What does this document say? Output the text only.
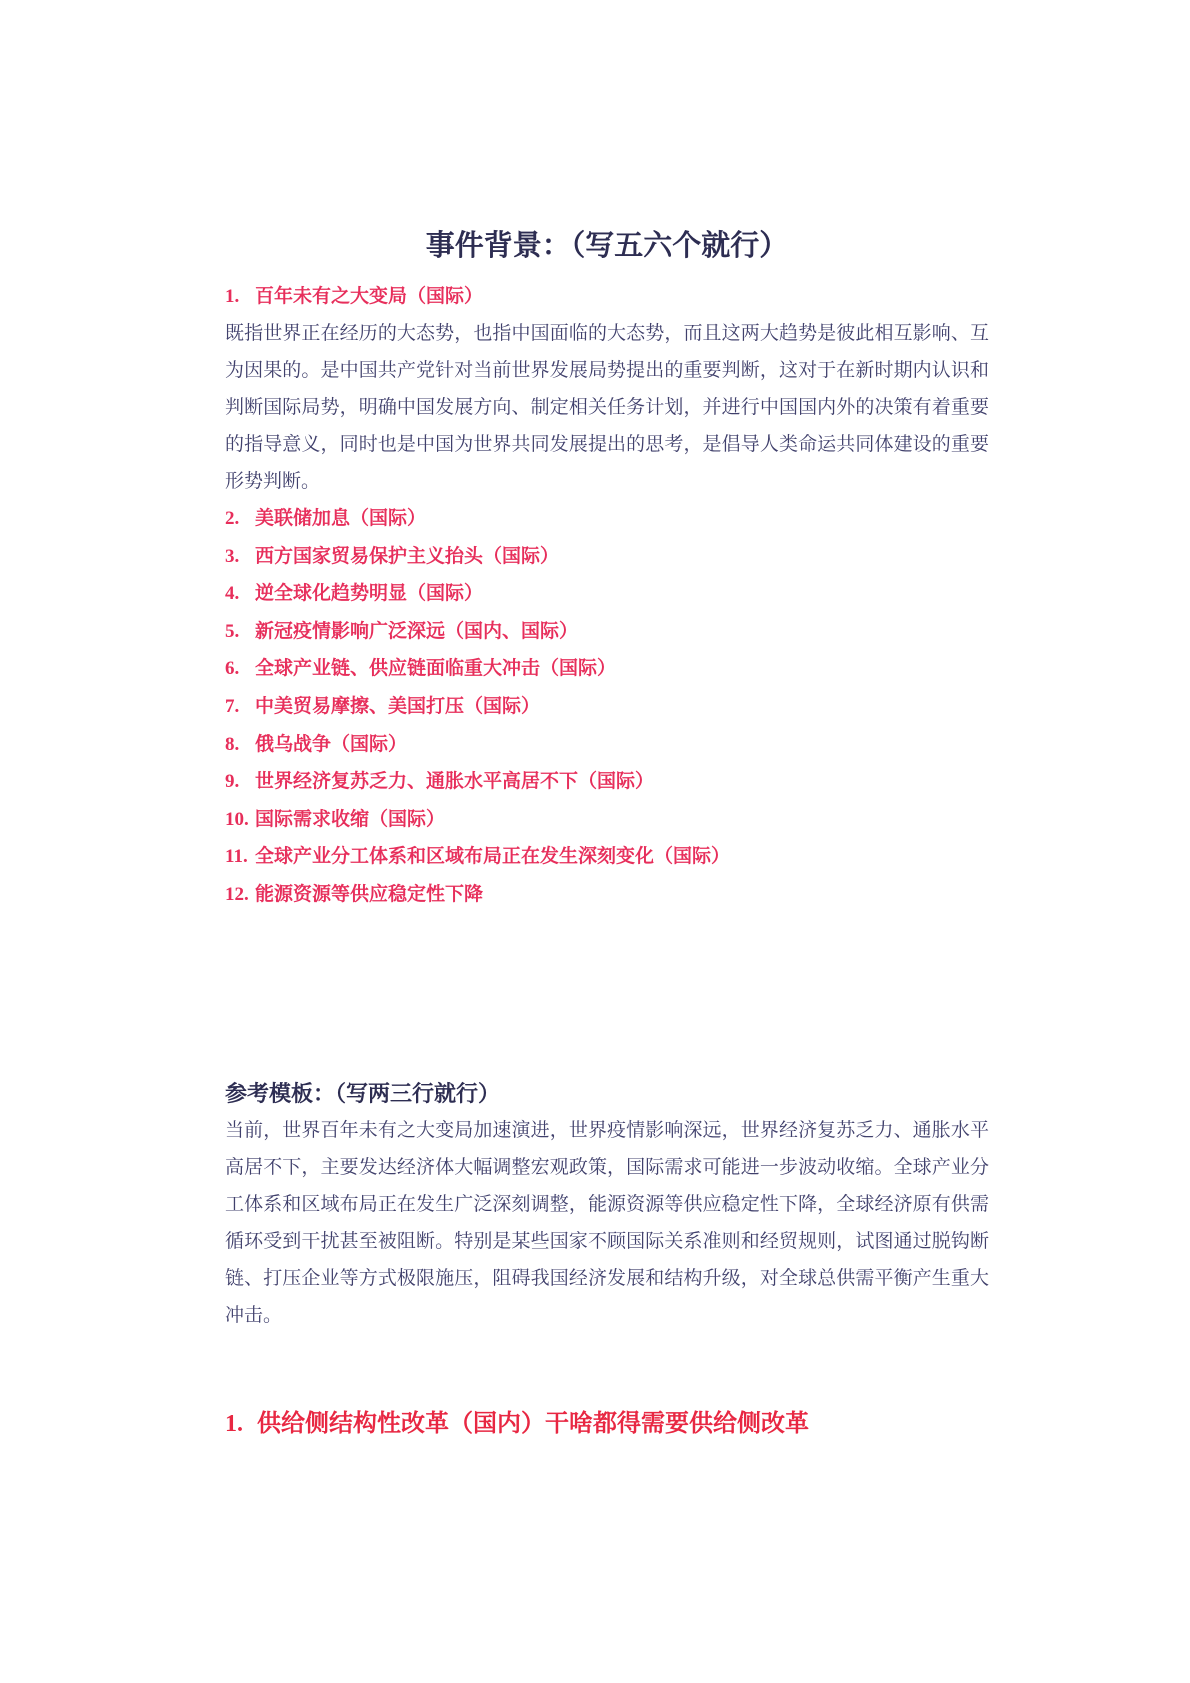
事件背景：（写五六个就行）
1. 百年未有之大变局（国际）

既指世界正在经历的大态势，也指中国面临的大态势，而且这两大趋势是彼此相互影响、互为因果的。是中国共产党针对当前世界发展局势提出的重要判断，这对于在新时期内认识和判断国际局势，明确中国发展方向、制定相关任务计划，并进行中国国内外的决策有着重要的指导意义，同时也是中国为世界共同发展提出的思考，是倡导人类命运共同体建设的重要形势判断。

2. 美联储加息（国际）
3. 西方国家贸易保护主义抬头（国际）
4. 逆全球化趋势明显（国际）
5. 新冠疫情影响广泛深远（国内、国际）
6. 全球产业链、供应链面临重大冲击（国际）
7. 中美贸易摩擦、美国打压（国际）
8. 俄乌战争（国际）
9. 世界经济复苏乏力、通胀水平高居不下（国际）
10. 国际需求收缩（国际）
11. 全球产业分工体系和区域布局正在发生深刻变化（国际）
12. 能源资源等供应稳定性下降
参考模板：（写两三行就行）

当前，世界百年未有之大变局加速演进，世界疫情影响深远，世界经济复苏乏力、通胀水平高居不下，主要发达经济体大幅调整宏观政策，国际需求可能进一步波动收缩。全球产业分工体系和区域布局正在发生广泛深刻调整，能源资源等供应稳定性下降，全球经济原有供需循环受到干扰甚至被阻断。特别是某些国家不顾国际关系准则和经贸规则，试图通过脱钩断链、打压企业等方式极限施压，阻碍我国经济发展和结构升级，对全球总供需平衡产生重大冲击。

1. 供给侧结构性改革（国内）干啥都得需要供给侧改革
